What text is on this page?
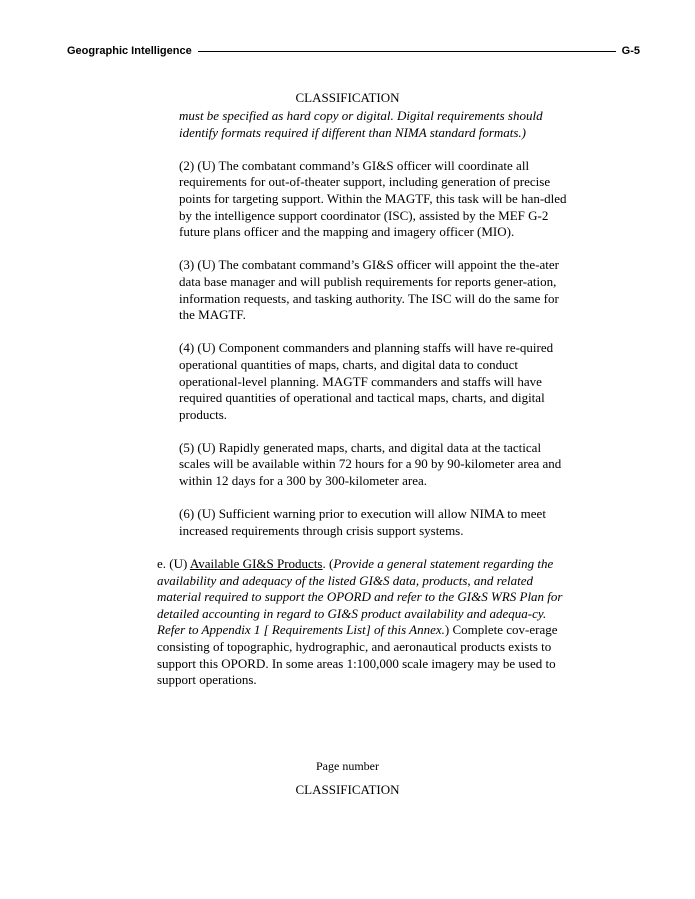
Geographic Intelligence	G-5
CLASSIFICATION

must be specified as hard copy or digital. Digital requirements should identify formats required if different than NIMA standard formats.)

(2) (U) The combatant command’s GI&S officer will coordinate all requirements for out-of-theater support, including generation of precise points for targeting support. Within the MAGTF, this task will be han-dled by the intelligence support coordinator (ISC), assisted by the MEF G-2 future plans officer and the mapping and imagery officer (MIO).

(3) (U) The combatant command’s GI&S officer will appoint the the-ater data base manager and will publish requirements for reports gener-ation, information requests, and tasking authority. The ISC will do the same for the MAGTF.

(4) (U) Component commanders and planning staffs will have re-quired operational quantities of maps, charts, and digital data to conduct operational-level planning. MAGTF commanders and staffs will have required quantities of operational and tactical maps, charts, and digital products.

(5) (U) Rapidly generated maps, charts, and digital data at the tactical scales will be available within 72 hours for a 90 by 90-kilometer area and within 12 days for a 300 by 300-kilometer area.

(6) (U) Sufficient warning prior to execution will allow NIMA to meet increased requirements through crisis support systems.

e. (U) Available GI&S Products. (Provide a general statement regarding the availability and adequacy of the listed GI&S data, products, and related material required to support the OPORD and refer to the GI&S WRS Plan for detailed accounting in regard to GI&S product availability and adequa-cy. Refer to Appendix 1 [ Requirements List] of this Annex.) Complete cov-erage consisting of topographic, hydrographic, and aeronautical products exists to support this OPORD. In some areas 1:100,000 scale imagery may be used to support operations.

Page number
CLASSIFICATION
